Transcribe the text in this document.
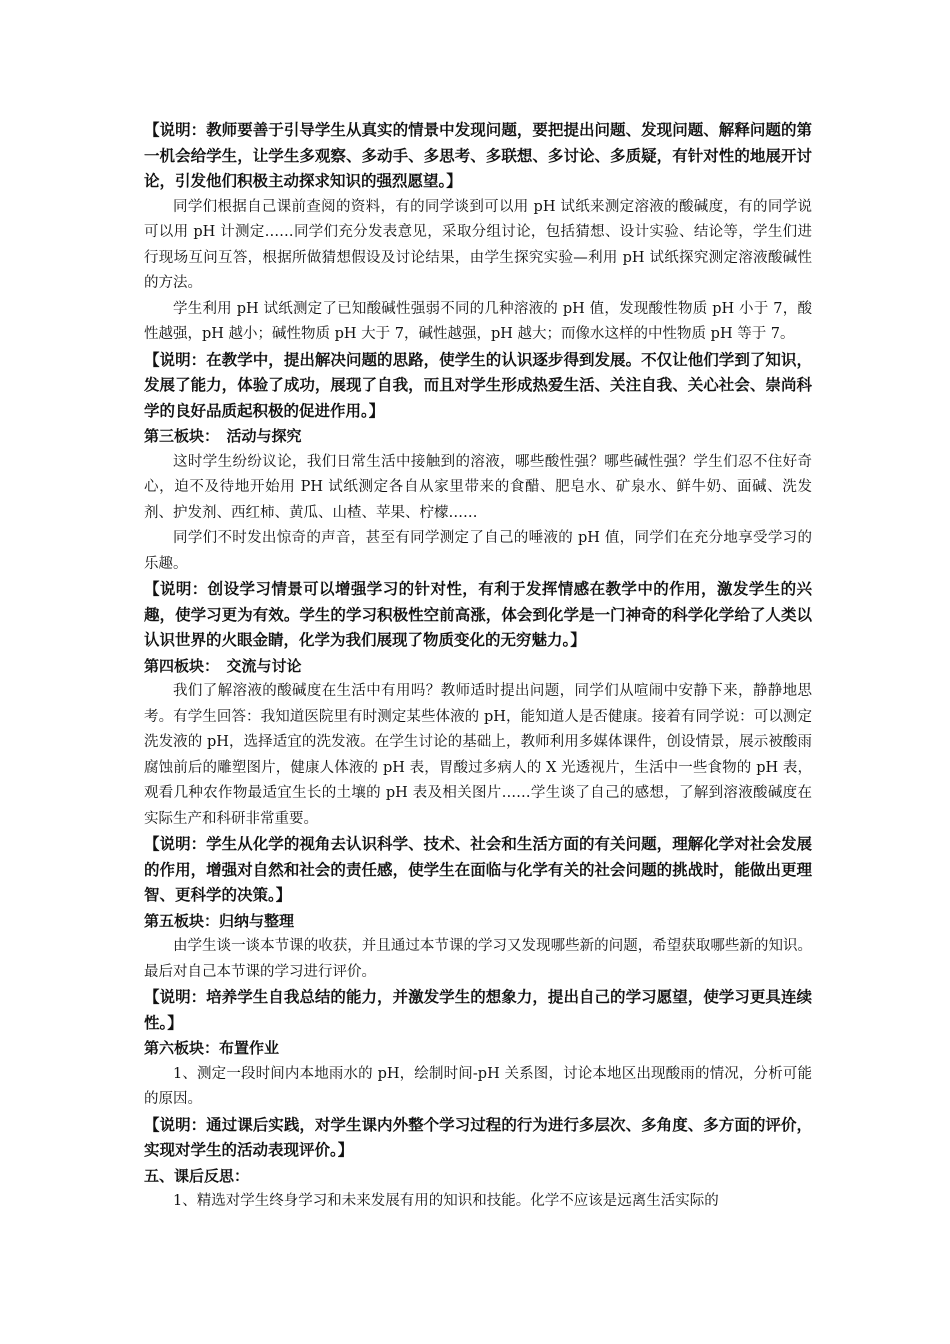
【说明：教师要善于引导学生从真实的情景中发现问题，要把提出问题、发现问题、解释问题的第一机会给学生，让学生多观察、多动手、多思考、多联想、多讨论、多质疑，有针对性的地展开讨论，引发他们积极主动探求知识的强烈愿望。】

同学们根据自己课前查阅的资料，有的同学谈到可以用 pH 试纸来测定溶液的酸碱度，有的同学说可以用 pH 计测定……同学们充分发表意见，采取分组讨论，包括猜想、设计实验、结论等，学生们进行现场互问互答，根据所做猜想假设及讨论结果，由学生探究实验—利用 pH 试纸探究测定溶液酸碱性的方法。

学生利用 pH 试纸测定了已知酸碱性强弱不同的几种溶液的 pH 值，发现酸性物质 pH 小于 7，酸性越强，pH 越小；碱性物质 pH 大于 7，碱性越强，pH 越大；而像水这样的中性物质 pH 等于 7。

【说明：在教学中，提出解决问题的思路，使学生的认识逐步得到发展。不仅让他们学到了知识，发展了能力，体验了成功，展现了自我，而且对学生形成热爱生活、关注自我、关心社会、崇尚科学的良好品质起积极的促进作用。】

第三板块：　活动与探究

这时学生纷纷议论，我们日常生活中接触到的溶液，哪些酸性强？哪些碱性强？学生们忍不住好奇心，迫不及待地开始用 PH 试纸测定各自从家里带来的食醋、肥皂水、矿泉水、鲜牛奶、面碱、洗发剂、护发剂、西红柿、黄瓜、山楂、苹果、柠檬……

同学们不时发出惊奇的声音，甚至有同学测定了自己的唾液的 pH 值，同学们在充分地享受学习的乐趣。

【说明：创设学习情景可以增强学习的针对性，有利于发挥情感在教学中的作用，激发学生的兴趣，使学习更为有效。学生的学习积极性空前高涨，体会到化学是一门神奇的科学化学给了人类以认识世界的火眼金睛，化学为我们展现了物质变化的无穷魅力。】

第四板块：　交流与讨论

我们了解溶液的酸碱度在生活中有用吗？教师适时提出问题，同学们从喧闹中安静下来，静静地思考。有学生回答：我知道医院里有时测定某些体液的 pH，能知道人是否健康。接着有同学说：可以测定洗发液的 pH，选择适宜的洗发液。在学生讨论的基础上，教师利用多媒体课件，创设情景，展示被酸雨腐蚀前后的雕塑图片，健康人体液的 pH 表，胃酸过多病人的 X 光透视片，生活中一些食物的 pH 表，观看几种农作物最适宜生长的土壤的 pH 表及相关图片……学生谈了自己的感想，了解到溶液酸碱度在实际生产和科研非常重要。

【说明：学生从化学的视角去认识科学、技术、社会和生活方面的有关问题，理解化学对社会发展的作用，增强对自然和社会的责任感，使学生在面临与化学有关的社会问题的挑战时，能做出更理智、更科学的决策。】

第五板块：归纳与整理

由学生谈一谈本节课的收获，并且通过本节课的学习又发现哪些新的问题，希望获取哪些新的知识。最后对自己本节课的学习进行评价。

【说明：培养学生自我总结的能力，并激发学生的想象力，提出自己的学习愿望，使学习更具连续性。】

第六板块：布置作业

1、测定一段时间内本地雨水的 pH，绘制时间-pH 关系图，讨论本地区出现酸雨的情况，分析可能的原因。

【说明：通过课后实践，对学生课内外整个学习过程的行为进行多层次、多角度、多方面的评价，实现对学生的活动表现评价。】

五、课后反思：

1、精选对学生终身学习和未来发展有用的知识和技能。化学不应该是远离生活实际的
